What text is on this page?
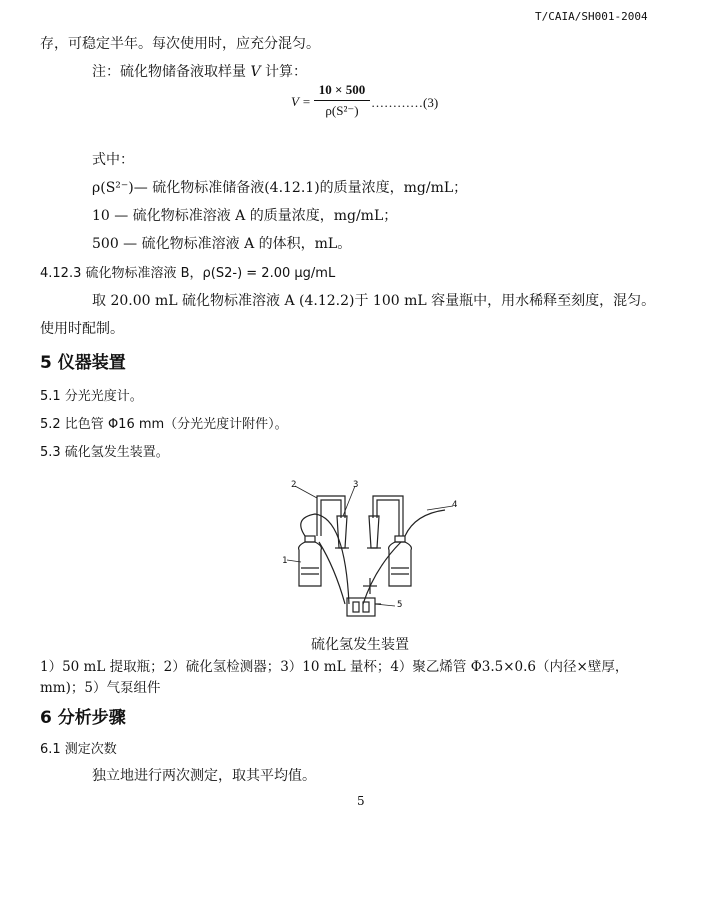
T/CAIA/SH001-2004
存，可稳定半年。每次使用时，应充分混匀。
注：硫化物储备液取样量 V 计算：
V =
10 × 500
ρ(S²⁻)
…………(3)
式中：
ρ(S²⁻)— 硫化物标准储备液(4.12.1)的质量浓度，mg/mL；
10 — 硫化物标准溶液 A 的质量浓度，mg/mL；
500 — 硫化物标准溶液 A 的体积，mL。
4.12.3 硫化物标准溶液 B，ρ(S2-) = 2.00 μg/mL
取 20.00 mL 硫化物标准溶液 A (4.12.2)于 100 mL 容量瓶中，用水稀释至刻度，混匀。
使用时配制。
5 仪器装置
5.1 分光光度计。
5.2 比色管 Φ16 mm（分光光度计附件）。
5.3 硫化氢发生装置。
1
2	3
4
5
硫化氢发生装置
1）50 mL 提取瓶；2）硫化氢检测器；3）10 mL 量杯；4）聚乙烯管 Φ3.5×0.6（内径×壁厚，
mm)；5）气泵组件
6 分析步骤
6.1 测定次数
独立地进行两次测定，取其平均值。
5
